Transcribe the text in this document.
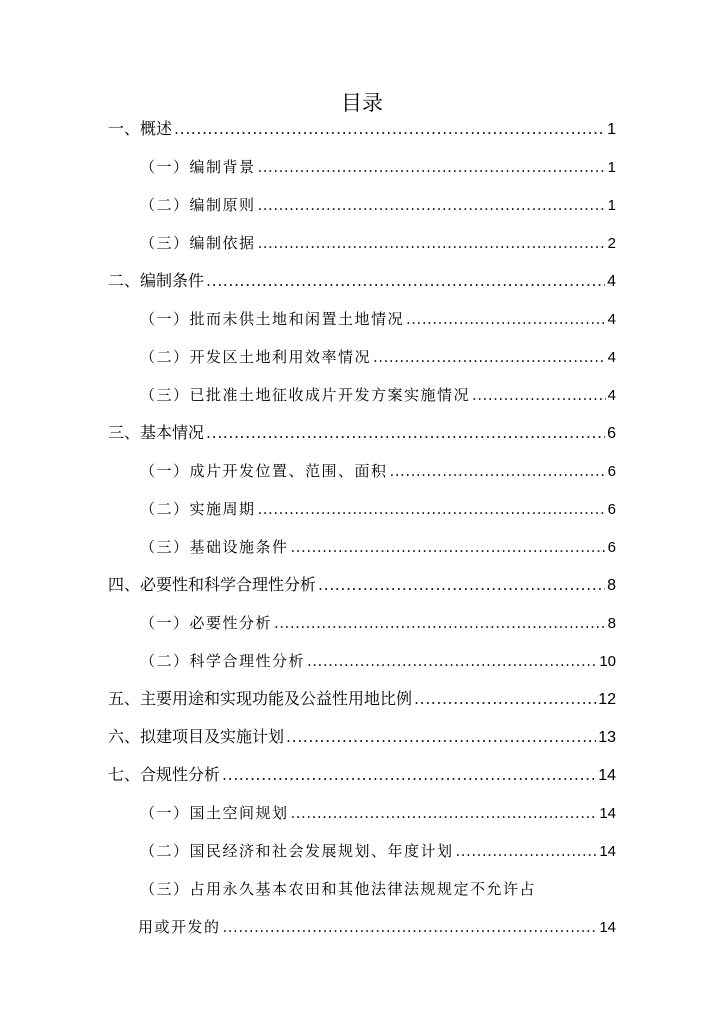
目录
一、概述 .....	1
（一）编制背景 .....	1
（二）编制原则 .....	1
（三）编制依据 .....	2
二、编制条件 .....	4
（一）批而未供土地和闲置土地情况 .....	4
（二）开发区土地利用效率情况 .....	4
（三）已批准土地征收成片开发方案实施情况 .....	4
三、基本情况 .....	6
（一）成片开发位置、范围、面积 .....	6
（二）实施周期 .....	6
（三）基础设施条件 .....	6
四、必要性和科学合理性分析 .....	8
（一）必要性分析 .....	8
（二）科学合理性分析 .....	10
五、主要用途和实现功能及公益性用地比例 .....	12
六、拟建项目及实施计划 .....	13
七、合规性分析 .....	14
（一）国土空间规划 .....	14
（二）国民经济和社会发展规划、年度计划 .....	14
（三）占用永久基本农田和其他法律法规规定不允许占
用或开发的 .....	14
